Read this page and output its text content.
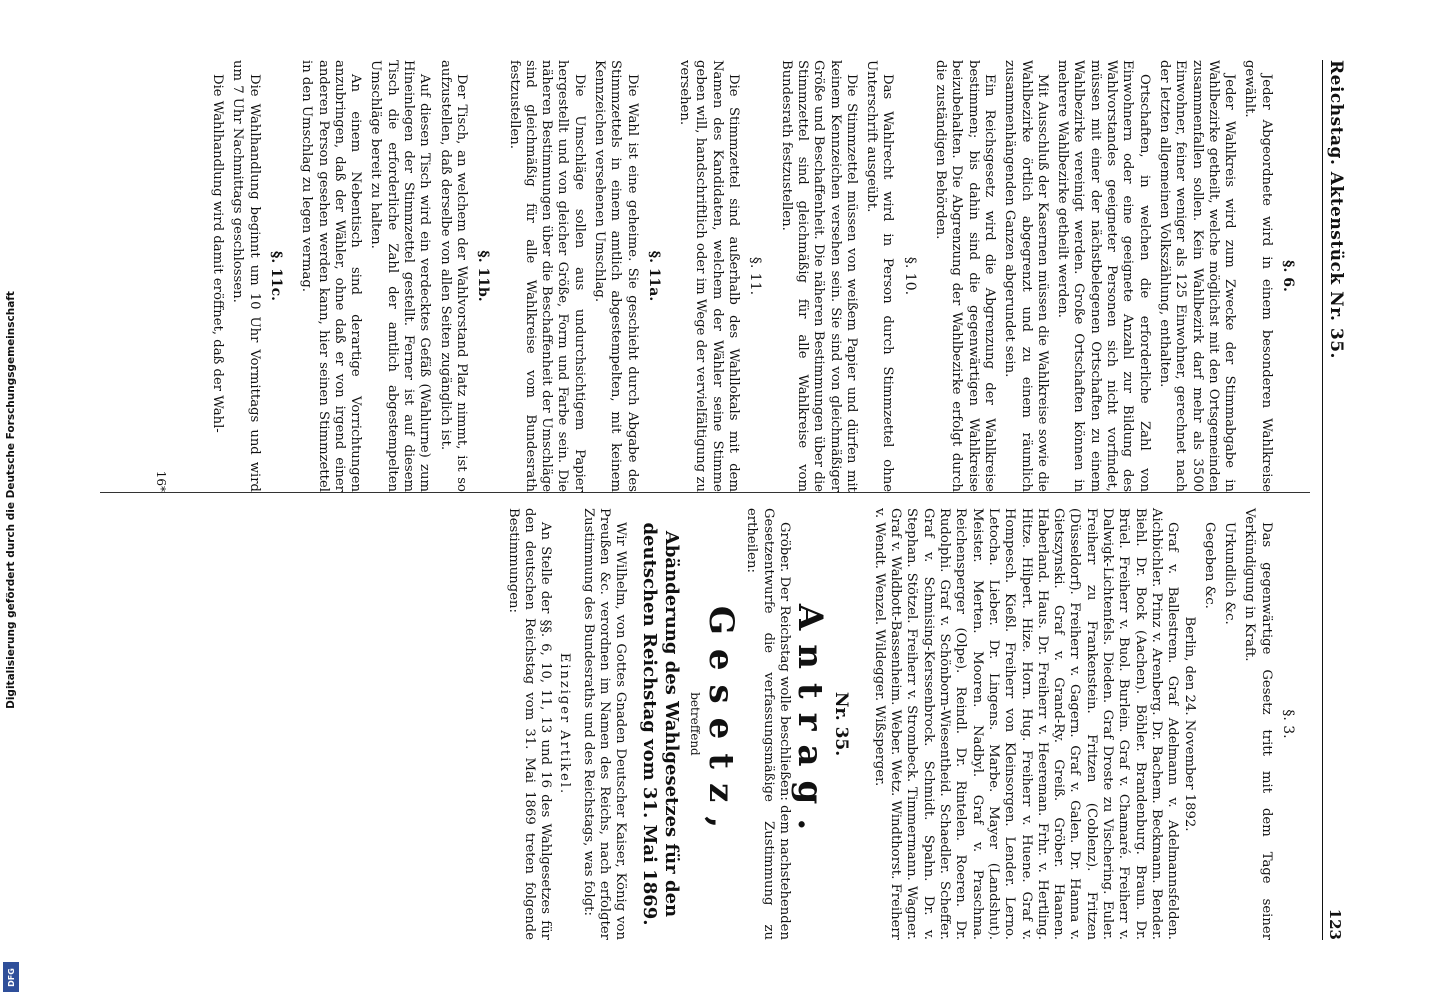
Reichstag. Aktenstück Nr. 35.
123
§. 6.

Jeder Abgeordnete wird in einem besonderen Wahlkreise gewählt.

Jeder Wahlkreis wird zum Zwecke der Stimmabgabe in Wahlbezirke getheilt, welche möglichst mit den Ortsgemeinden zusammenfallen sollen. Kein Wahlbezirk darf mehr als 3500 Einwohner, feiner weniger als 125 Einwohner, gerechnet nach der letzten allgemeinen Volkszählung, enthalten.

Ortschaften, in welchen die erforderliche Zahl von Einwohnern oder eine geeignete Anzahl zur Bildung des Wahlvorstandes geeigneter Personen sich nicht vorfindet, müssen mit einer der nächstbelegenen Ortschaften zu einem Wahlbezirke vereinigt werden. Große Ortschaften können in mehrere Wahlbezirke getheilt werden.

Mit Ausschluß der Kasernen müssen die Wahlkreise sowie die Wahlbezirke örtlich abgegrenzt und zu einem räumlich zusammenhängenden Ganzen abgerundet sein.

Ein Reichsgesetz wird die Abgrenzung der Wahlkreise bestimmen; bis dahin sind die gegenwärtigen Wahlkreise beizubehalten. Die Abgrenzung der Wahlbezirke erfolgt durch die zuständigen Behörden.

§. 10.

Das Wahlrecht wird in Person durch Stimmzettel ohne Unterschrift ausgeübt.

Die Stimmzettel müssen von weißem Papier und dürfen mit keinem Kennzeichen versehen sein. Sie sind von gleichmäßiger Größe und Beschaffenheit. Die näheren Bestimmungen über die Stimmzettel sind gleichmäßig für alle Wahlkreise vom Bundesrath festzustellen.

§. 11.

Die Stimmzettel sind außerhalb des Wahllokals mit dem Namen des Kandidaten, welchem der Wähler seine Stimme geben will, handschriftlich oder im Wege der vervielfältigung zu versehen.

§. 11a.

Die Wahl ist eine geheime. Sie geschieht durch Abgabe des Stimmzettels in einem amtlich abgestempelten, mit keinem Kennzeichen versehenen Umschlag.

Die Umschläge sollen aus undurchsichtigem Papier hergestellt und von gleicher Größe, Form und Farbe sein. Die näheren Bestimmungen über die Beschaffenheit der Umschläge sind gleichmäßig für alle Wahlkreise vom Bundesrath festzustellen.

§. 11b.

Der Tisch, an welchem der Wahlvorstand Platz nimmt, ist so aufzustellen, daß derselbe von allen Seiten zugänglich ist.

Auf diesen Tisch wird ein verdecktes Gefäß (Wahlurne) zum Hineinlegen der Stimmzettel gestellt. Ferner ist auf diesem Tisch die erforderliche Zahl der amtlich abgestempelten Umschläge bereit zu halten.

An einem Nebentisch sind derartige Vorrichtungen anzubringen, daß der Wähler, ohne daß er von irgend einer anderen Person gesehen werden kann, hier seinen Stimmzettel in den Umschlag zu legen vermag.

§. 11c.

Die Wahlhandlung beginnt um 10 Uhr Vormittags und wird um 7 Uhr Nachmittags geschlossen.

Die Wahlhandlung wird damit eröffnet, daß der Wahl-

16*
§. 3.

Das gegenwärtige Gesetz tritt mit dem Tage seiner Verkündigung in Kraft.

Urkundlich &c.

Gegeben &c.

Berlin, den 24. November 1892.

Graf v. Ballestrem. Graf Adelmann v. Adelmannsfelden. Aichbichler. Prinz v. Arenberg. Dr. Bachem. Beckmann. Bender. Biehl. Dr. Bock (Aachen). Böhler. Brandenburg. Braun. Dr. Brüel. Freiherr v. Buol. Burlein. Graf v. Chamaré. Freiherr v. Dalwigk-Lichtenfels. Dieden. Graf Droste zu Vischering. Euler. Freiherr zu Frankenstein. Fritzen (Coblenz). Fritzen (Düsseldorf). Freiherr v. Gagern. Graf v. Galen. Dr. Hanna v. Gietszynski. Graf v. Grand-Ry. Greiß. Gröber. Haanen. Haberland. Haus. Dr. Freiherr v. Heereman. Frhr. v. Hertling. Hitze. Hilpert. Hize. Horn. Hug. Freiherr v. Huene. Graf v. Hompesch. Kießl. Freiherr von Kleinsorgen. Lender. Lerno. Letocha. Lieber. Dr. Lingens. Marbe. Mayer (Landshut). Meister. Merten. Mooren. Nadbyl. Graf v. Praschma. Reichensperger (Olpe). Reindl. Dr. Rintelen. Roeren. Dr. Rudolphi. Graf v. Schönborn-Wiesentheid. Schaedler. Scheffer. Graf v. Schmising-Kerssenbrock. Schmidt. Spahn. Dr. v. Stephan. Stötzel. Freiherr v. Strombeck. Timmermann. Wagner. Graf v. Waldbott-Bassenheim. Weber. Wetz. Windthorst. Freiherr v. Wendt. Wenzel. Wildegger. Wißsperger.

Nr. 35.
Antrag.

Gröber. Der Reichstag wolle beschließen: dem nachstehenden Gesetzentwurfe die verfassungsmäßige Zustimmung zu ertheilen:

Gesetz,
betreffend
Abänderung des Wahlgesetzes für den deutschen Reichstag vom 31. Mai 1869.

Wir Wilhelm, von Gottes Gnaden Deutscher Kaiser, König von Preußen &c. verordnen im Namen des Reichs, nach erfolgter Zustimmung des Bundesraths und des Reichstags, was folgt:

Einziger Artikel.

An Stelle der §§. 6, 10, 11, 13 und 16 des Wahlgesetzes für den deutschen Reichstag vom 31. Mai 1869 treten folgende Bestimmungen:

Digitalisierung gefördert durch die Deutsche Forschungsgemeinschaft
DFG
